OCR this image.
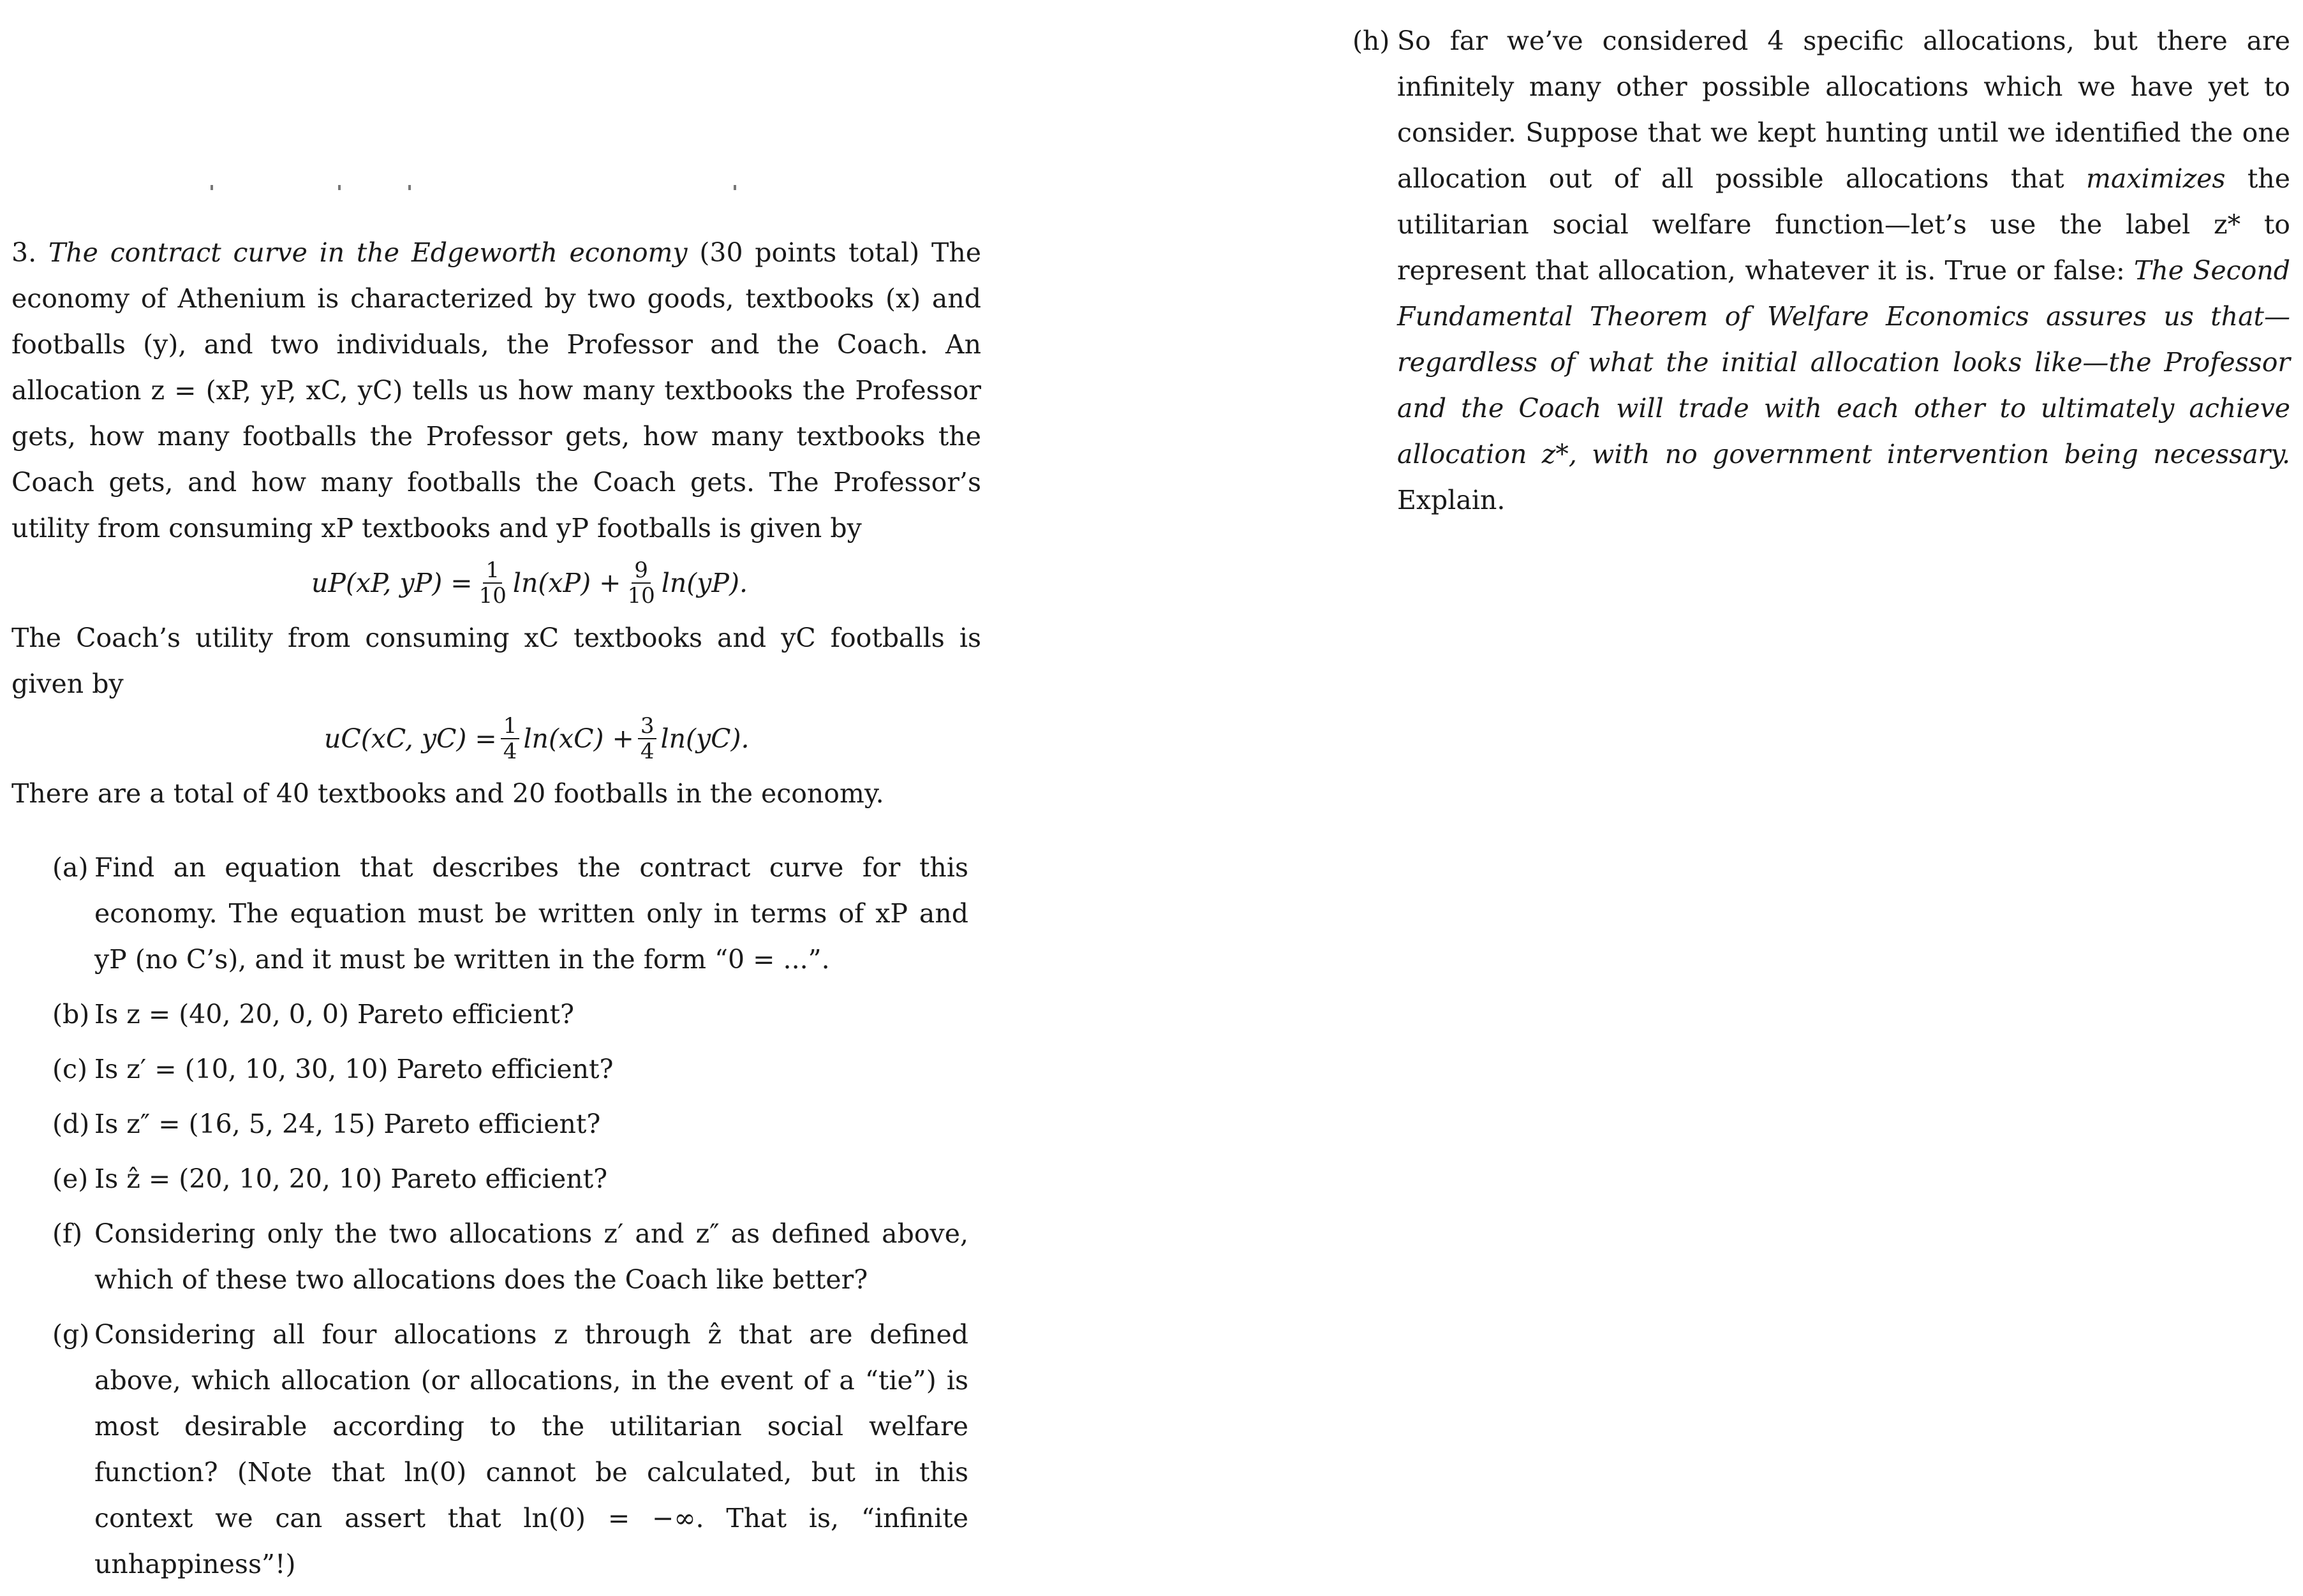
3. The contract curve in the Edgeworth economy (30 points total) The economy of Athenium is characterized by two goods, textbooks (x) and footballs (y), and two individuals, the Professor and the Coach. An allocation z = (xP, yP, xC, yC) tells us how many textbooks the Professor gets, how many footballs the Professor gets, how many textbooks the Coach gets, and how many footballs the Coach gets. The Professor’s utility from consuming xP textbooks and yP footballs is given by

uP(xP, $yP) = \frac{1}{10} \ln(xP) + \frac{9}{10} \ln(yP)$.

The Coach’s utility from consuming xC textbooks and yC footballs is given by

uC(xC, $yC) = \frac{1}{4} \ln(xC) + \frac{3}{4} \ln(yC)$.

There are a total of 40 textbooks and 20 footballs in the economy.

(a) Find an equation that describes the contract curve for this economy. The equation must be written only in terms of xP and yP (no C’s), and it must be written in the form “0 = ...”.
(b) Is z = (40, 20, 0, 0) Pareto efficient?
(c) Is z′ = (10, 10, 30, 10) Pareto efficient?
(d) Is z″ = (16, 5, 24, 15) Pareto efficient?
(e) Is ẑ = (20, 10, 20, 10) Pareto efficient?
(f) Considering only the two allocations z′ and z″ as defined above, which of these two allocations does the Coach like better?
(g) Considering all four allocations z through ẑ that are defined above, which allocation (or allocations, in the event of a “tie”) is most desirable according to the utilitarian social welfare function? (Note that ln(0) cannot be calculated, but in this context we can assert that ln(0) = −∞. That is, “infinite unhappiness”!)
(h) So far we’ve considered 4 specific allocations, but there are infinitely many other possible allocations which we have yet to consider. Suppose that we kept hunting until we identified the one allocation out of all possible allocations that maximizes the utilitarian social welfare function—let’s use the label z* to represent that allocation, whatever it is. True or false: The Second Fundamental Theorem of Welfare Economics assures us that—regardless of what the initial allocation looks like—the Professor and the Coach will trade with each other to ultimately achieve allocation z*, with no government intervention being necessary. Explain.
